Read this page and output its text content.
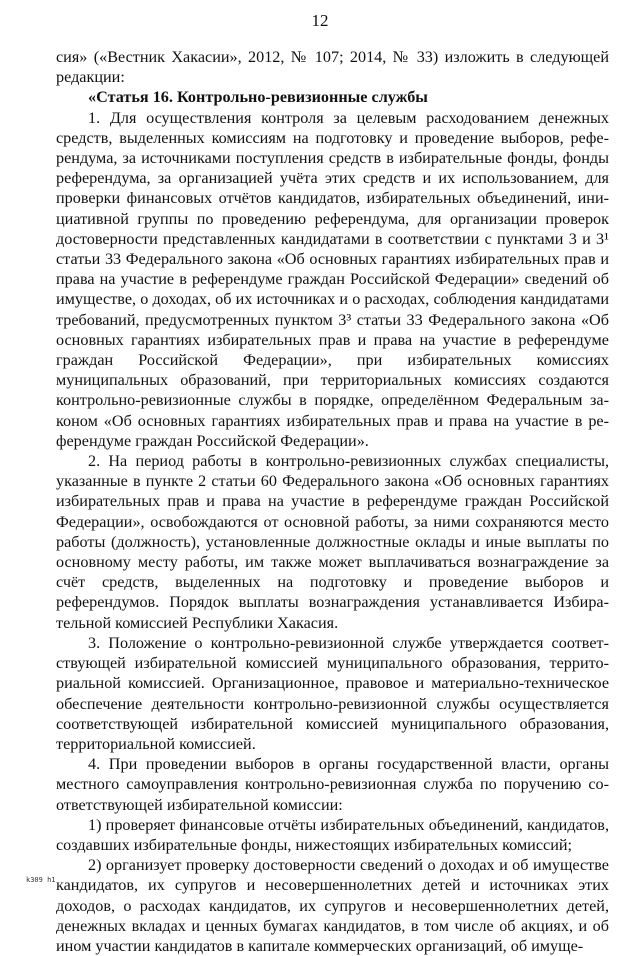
12

сия» («Вестник Хакасии», 2012, № 107; 2014, № 33) изложить в следующей редакции:

«Статья 16. Контрольно-ревизионные службы

1. Для осуществления контроля за целевым расходованием денежных средств, выделенных комиссиям на подготовку и проведение выборов, референдума, за источниками поступления средств в избирательные фонды, фонды референдума, за организацией учёта этих средств и их использованием, для проверки финансовых отчётов кандидатов, избирательных объединений, инициативной группы по проведению референдума, для организации проверок достоверности представленных кандидатами в соответствии с пунктами 3 и 3¹ статьи 33 Федерального закона «Об основных гарантиях избирательных прав и права на участие в референдуме граждан Российской Федерации» сведений об имуществе, о доходах, об их источниках и о расходах, соблюдения кандидатами требований, предусмотренных пунктом 3³ статьи 33 Федерального закона «Об основных гарантиях избирательных прав и права на участие в референдуме граждан Российской Федерации», при избирательных комиссиях муниципальных образований, при территориальных комиссиях создаются контрольно-ревизионные службы в порядке, определённом Федеральным законом «Об основных гарантиях избирательных прав и права на участие в референдуме граждан Российской Федерации».

2. На период работы в контрольно-ревизионных службах специалисты, указанные в пункте 2 статьи 60 Федерального закона «Об основных гарантиях избирательных прав и права на участие в референдуме граждан Российской Федерации», освобождаются от основной работы, за ними сохраняются место работы (должность), установленные должностные оклады и иные выплаты по основному месту работы, им также может выплачиваться вознаграждение за счёт средств, выделенных на подготовку и проведение выборов и референдумов. Порядок выплаты вознаграждения устанавливается Избирательной комиссией Республики Хакасия.

3. Положение о контрольно-ревизионной службе утверждается соответствующей избирательной комиссией муниципального образования, территориальной комиссией. Организационное, правовое и материально-техническое обеспечение деятельности контрольно-ревизионной службы осуществляется соответствующей избирательной комиссией муниципального образования, территориальной комиссией.

4. При проведении выборов в органы государственной власти, органы местного самоуправления контрольно-ревизионная служба по поручению соответствующей избирательной комиссии:

1) проверяет финансовые отчёты избирательных объединений, кандидатов, создавших избирательные фонды, нижестоящих избирательных комиссий;

2) организует проверку достоверности сведений о доходах и об имуществе кандидатов, их супругов и несовершеннолетних детей и источниках этих доходов, о расходах кандидатов, их супругов и несовершеннолетних детей, денежных вкладах и ценных бумагах кандидатов, в том числе об акциях, и об ином участии кандидатов в капитале коммерческих организаций, об имуще-

k309 h1
